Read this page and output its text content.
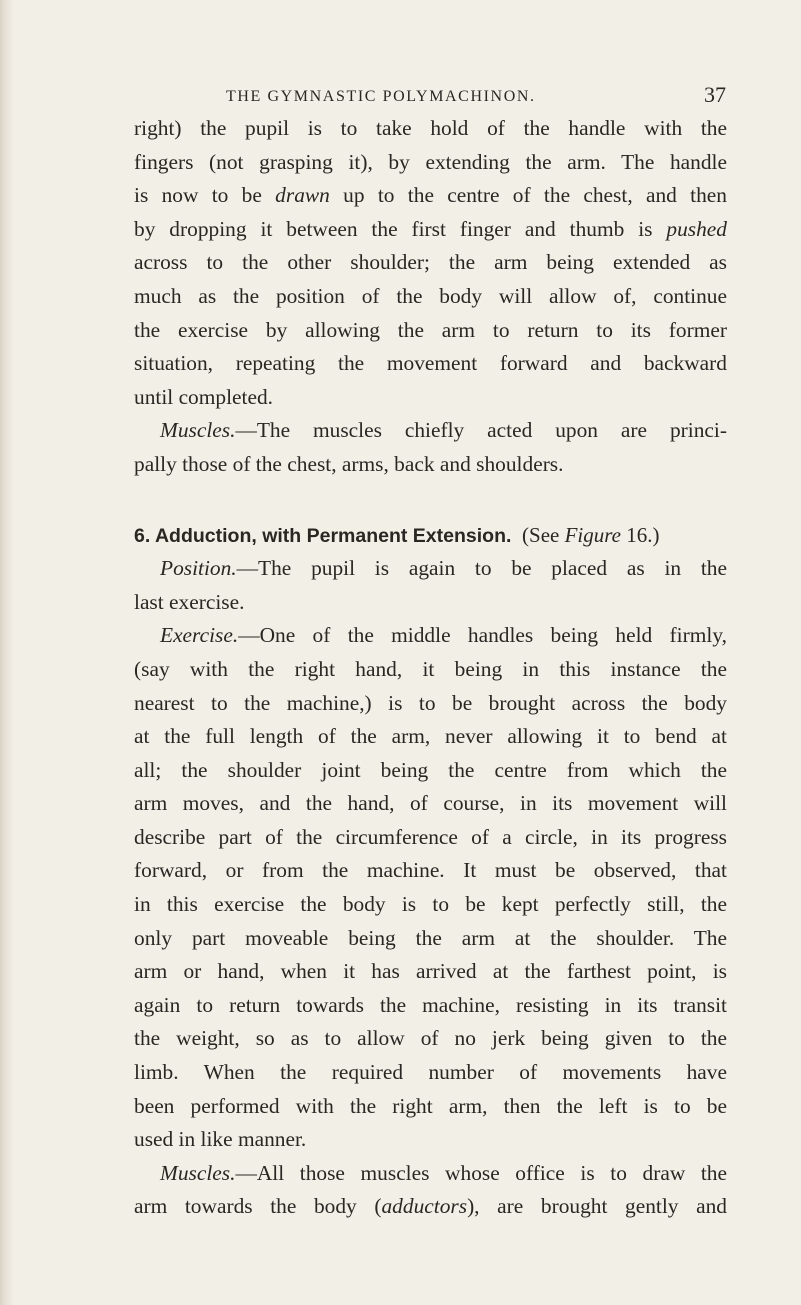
THE GYMNASTIC POLYMACHINON.	37
right) the pupil is to take hold of the handle with the
fingers (not grasping it), by extending the arm. The handle
is now to be drawn up to the centre of the chest, and then
by dropping it between the first finger and thumb is pushed
across to the other shoulder; the arm being extended as
much as the position of the body will allow of, continue
the exercise by allowing the arm to return to its former
situation, repeating the movement forward and backward
until completed.
Muscles.—The muscles chiefly acted upon are princi-
pally those of the chest, arms, back and shoulders.
6. Adduction, with Permanent Extension. (See Figure 16.)
Position.—The pupil is again to be placed as in the
last exercise.
Exercise.—One of the middle handles being held firmly,
(say with the right hand, it being in this instance the
nearest to the machine,) is to be brought across the body
at the full length of the arm, never allowing it to bend at
all; the shoulder joint being the centre from which the
arm moves, and the hand, of course, in its movement will
describe part of the circumference of a circle, in its progress
forward, or from the machine. It must be observed, that
in this exercise the body is to be kept perfectly still, the
only part moveable being the arm at the shoulder. The
arm or hand, when it has arrived at the farthest point, is
again to return towards the machine, resisting in its transit
the weight, so as to allow of no jerk being given to the
limb. When the required number of movements have
been performed with the right arm, then the left is to be
used in like manner.
Muscles.—All those muscles whose office is to draw the
arm towards the body (adductors), are brought gently and
